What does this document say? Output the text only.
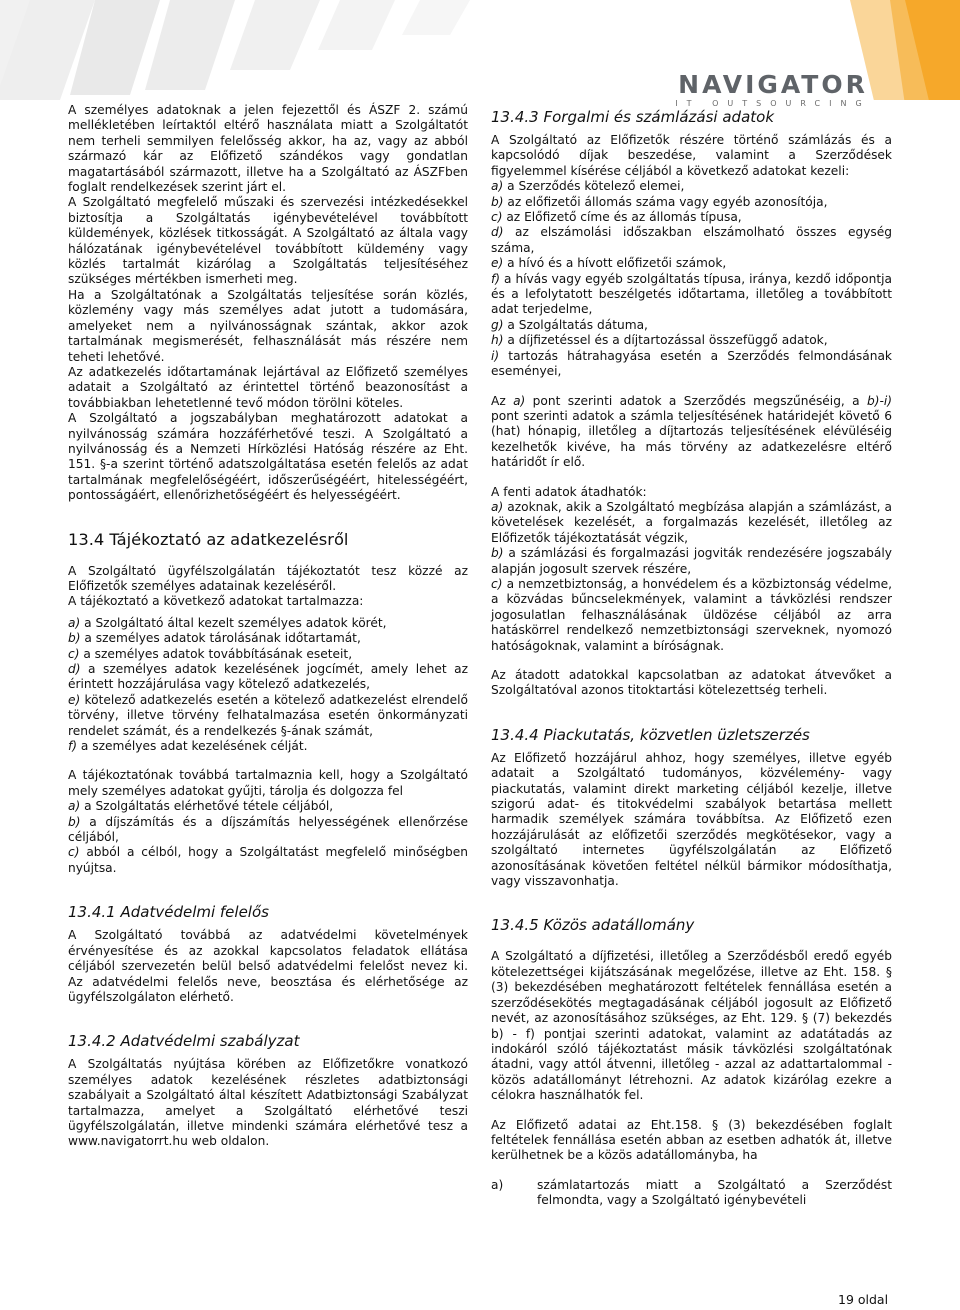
NAVIGATOR
IT OUTSOURCING

A személyes adatoknak a jelen fejezettől és ÁSZF 2. számú mellékletében leírtaktól eltérő használata miatt a Szolgáltatót nem terheli semmilyen felelősség akkor, ha az, vagy az abból származó kár az Előfizető szándékos vagy gondatlan magatartásából származott, illetve ha a Szolgáltató az ÁSZFben foglalt rendelkezések szerint járt el.

A Szolgáltató megfelelő műszaki és szervezési intézkedésekkel biztosítja a Szolgáltatás igénybevételével továbbított küldemények, közlések titkosságát. A Szolgáltató az általa vagy hálózatának igénybevételével továbbított küldemény vagy közlés tartalmát kizárólag a Szolgáltatás teljesítéséhez szükséges mértékben ismerheti meg.

Ha a Szolgáltatónak a Szolgáltatás teljesítése során közlés, közlemény vagy más személyes adat jutott a tudomására, amelyeket nem a nyilvánosságnak szántak, akkor azok tartalmának megismerését, felhasználását más részére nem teheti lehetővé.

Az adatkezelés időtartamának lejártával az Előfizető személyes adatait a Szolgáltató az érintettel történő beazonosítást a továbbiakban lehetetlenné tevő módon törölni köteles.

A Szolgáltató a jogszabályban meghatározott adatokat a nyilvánosság számára hozzáférhetővé teszi. A Szolgáltató a nyilvánosság és a Nemzeti Hírközlési Hatóság részére az Eht. 151. §-a szerint történő adatszolgáltatása esetén felelős az adat tartalmának megfelelőségéért, időszerűségéért, hitelességéért, pontosságáért, ellenőrizhetőségéért és helyességéért.

13.4 Tájékoztató az adatkezelésről

A Szolgáltató ügyfélszolgálatán tájékoztatót tesz közzé az Előfizetők személyes adatainak kezeléséről.

A tájékoztató a következő adatokat tartalmazza:

a) a Szolgáltató által kezelt személyes adatok körét,

b) a személyes adatok tárolásának időtartamát,

c) a személyes adatok továbbításának eseteit,

d) a személyes adatok kezelésének jogcímét, amely lehet az érintett hozzájárulása vagy kötelező adatkezelés,

e) kötelező adatkezelés esetén a kötelező adatkezelést elrendelő törvény, illetve törvény felhatalmazása esetén önkormányzati rendelet számát, és a rendelkezés §-ának számát,

f) a személyes adat kezelésének célját.

A tájékoztatónak továbbá tartalmaznia kell, hogy a Szolgáltató mely személyes adatokat gyűjti, tárolja és dolgozza fel

a) a Szolgáltatás elérhetővé tétele céljából,

b) a díjszámítás és a díjszámítás helyességének ellenőrzése céljából,

c) abból a célból, hogy a Szolgáltatást megfelelő minőségben nyújtsa.

13.4.1 Adatvédelmi felelős

A Szolgáltató továbbá az adatvédelmi követelmények érvényesítése és az azokkal kapcsolatos feladatok ellátása céljából szervezetén belül belső adatvédelmi felelőst nevez ki. Az adatvédelmi felelős neve, beosztása és elérhetősége az ügyfélszolgálaton elérhető.

13.4.2 Adatvédelmi szabályzat

A Szolgáltatás nyújtása körében az Előfizetőkre vonatkozó személyes adatok kezelésének részletes adatbiztonsági szabályait a Szolgáltató által készített Adatbiztonsági Szabályzat tartalmazza, amelyet a Szolgáltató elérhetővé teszi ügyfélszolgálatán, illetve mindenki számára elérhetővé tesz a www.navigatorrt.hu web oldalon.

13.4.3 Forgalmi és számlázási adatok

A Szolgáltató az Előfizetők részére történő számlázás és a kapcsolódó díjak beszedése, valamint a Szerződések figyelemmel kísérése céljából a következő adatokat kezeli:

a) a Szerződés kötelező elemei,

b) az előfizetői állomás száma vagy egyéb azonosítója,

c) az Előfizető címe és az állomás típusa,

d) az elszámolási időszakban elszámolható összes egység száma,

e) a hívó és a hívott előfizetői számok,

f) a hívás vagy egyéb szolgáltatás típusa, iránya, kezdő időpontja és a lefolytatott beszélgetés időtartama, illetőleg a továbbított adat terjedelme,

g) a Szolgáltatás dátuma,

h) a díjfizetéssel és a díjtartozással összefüggő adatok,

i) tartozás hátrahagyása esetén a Szerződés felmondásának eseményei,

Az a) pont szerinti adatok a Szerződés megszűnéséig, a b)-i) pont szerinti adatok a számla teljesítésének határidejét követő 6 (hat) hónapig, illetőleg a díjtartozás teljesítésének elévüléséig kezelhetők kivéve, ha más törvény az adatkezelésre eltérő határidőt ír elő.

A fenti adatok átadhatók:

a) azoknak, akik a Szolgáltató megbízása alapján a számlázást, a követelések kezelését, a forgalmazás kezelését, illetőleg az Előfizetők tájékoztatását végzik,

b) a számlázási és forgalmazási jogviták rendezésére jogszabály alapján jogosult szervek részére,

c) a nemzetbiztonság, a honvédelem és a közbiztonság védelme, a közvádas bűncselekmények, valamint a távközlési rendszer jogosulatlan felhasználásának üldözése céljából az arra hatáskörrel rendelkező nemzetbiztonsági szerveknek, nyomozó hatóságoknak, valamint a bíróságnak.

Az átadott adatokkal kapcsolatban az adatokat átvevőket a Szolgáltatóval azonos titoktartási kötelezettség terheli.

13.4.4 Piackutatás, közvetlen üzletszerzés

Az Előfizető hozzájárul ahhoz, hogy személyes, illetve egyéb adatait a Szolgáltató tudományos, közvélemény- vagy piackutatás, valamint direkt marketing céljából kezelje, illetve szigorú adat- és titokvédelmi szabályok betartása mellett harmadik személyek számára továbbítsa. Az Előfizető ezen hozzájárulását az előfizetői szerződés megkötésekor, vagy a szolgáltató internetes ügyfélszolgálatán az Előfizető azonosításának követően feltétel nélkül bármikor módosíthatja, vagy visszavonhatja.

13.4.5 Közös adatállomány

A Szolgáltató a díjfizetési, illetőleg a Szerződésből eredő egyéb kötelezettségei kijátszásának megelőzése, illetve az Eht. 158. § (3) bekezdésében meghatározott feltételek fennállása esetén a szerződésekötés megtagadásának céljából jogosult az Előfizető nevét, az azonosításához szükséges, az Eht. 129. § (7) bekezdés b) - f) pontjai szerinti adatokat, valamint az adatátadás az indokáról szóló tájékoztatást másik távközlési szolgáltatónak átadni, vagy attól átvenni, illetőleg - azzal az adattartalommal - közös adatállományt létrehozni. Az adatok kizárólag ezekre a célokra használhatók fel.

Az Előfizető adatai az Eht.158. § (3) bekezdésében foglalt feltételek fennállása esetén abban az esetben adhatók át, illetve kerülhetnek be a közös adatállományba, ha

a)	számlatartozás miatt a Szolgáltató a Szerződést felmondta, vagy a Szolgáltató igénybevételi
19 oldal
